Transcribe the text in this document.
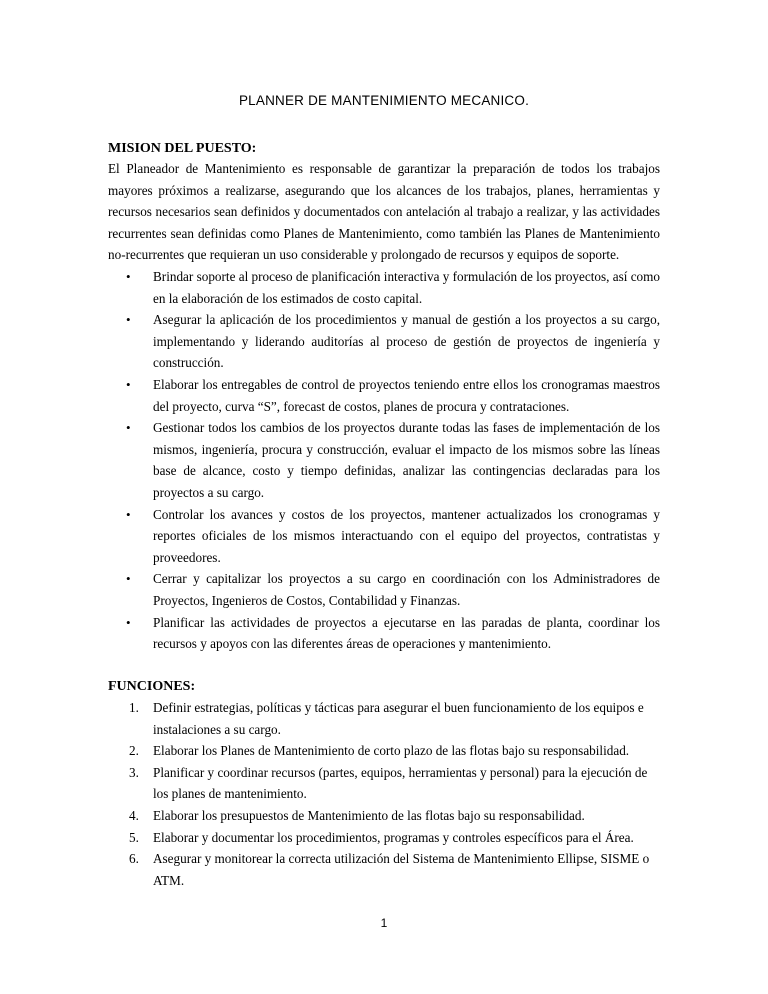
PLANNER DE MANTENIMIENTO MECANICO.
MISION DEL PUESTO:
El Planeador de Mantenimiento es responsable de garantizar la preparación de todos los trabajos mayores próximos a realizarse, asegurando que los alcances de los trabajos, planes, herramientas y recursos necesarios sean definidos y documentados con antelación al trabajo a realizar, y las actividades recurrentes sean definidas como Planes de Mantenimiento, como también las Planes de Mantenimiento no-recurrentes que requieran un uso considerable y prolongado de recursos y equipos de soporte.
• Brindar soporte al proceso de planificación interactiva y formulación de los proyectos, así como en la elaboración de los estimados de costo capital.
• Asegurar la aplicación de los procedimientos y manual de gestión a los proyectos a su cargo, implementando y liderando auditorías al proceso de gestión de proyectos de ingeniería y construcción.
• Elaborar los entregables de control de proyectos teniendo entre ellos los cronogramas maestros del proyecto, curva “S”, forecast de costos, planes de procura y contrataciones.
• Gestionar todos los cambios de los proyectos durante todas las fases de implementación de los mismos, ingeniería, procura y construcción, evaluar el impacto de los mismos sobre las líneas base de alcance, costo y tiempo definidas, analizar las contingencias declaradas para los proyectos a su cargo.
• Controlar los avances y costos de los proyectos, mantener actualizados los cronogramas y reportes oficiales de los mismos interactuando con el equipo del proyectos, contratistas y proveedores.
• Cerrar y capitalizar los proyectos a su cargo en coordinación con los Administradores de Proyectos, Ingenieros de Costos, Contabilidad y Finanzas.
• Planificar las actividades de proyectos a ejecutarse en las paradas de planta, coordinar los recursos y apoyos con las diferentes áreas de operaciones y mantenimiento.
FUNCIONES:
1. Definir estrategias, políticas y tácticas para asegurar el buen funcionamiento de los equipos e instalaciones a su cargo.
2. Elaborar los Planes de Mantenimiento de corto plazo de las flotas bajo su responsabilidad.
3. Planificar y coordinar recursos (partes, equipos, herramientas y personal) para la ejecución de los planes de mantenimiento.
4. Elaborar los presupuestos de Mantenimiento de las flotas bajo su responsabilidad.
5. Elaborar y documentar los procedimientos, programas y controles específicos para el Área.
6. Asegurar y monitorear la correcta utilización del Sistema de Mantenimiento Ellipse, SISME o ATM.
1
